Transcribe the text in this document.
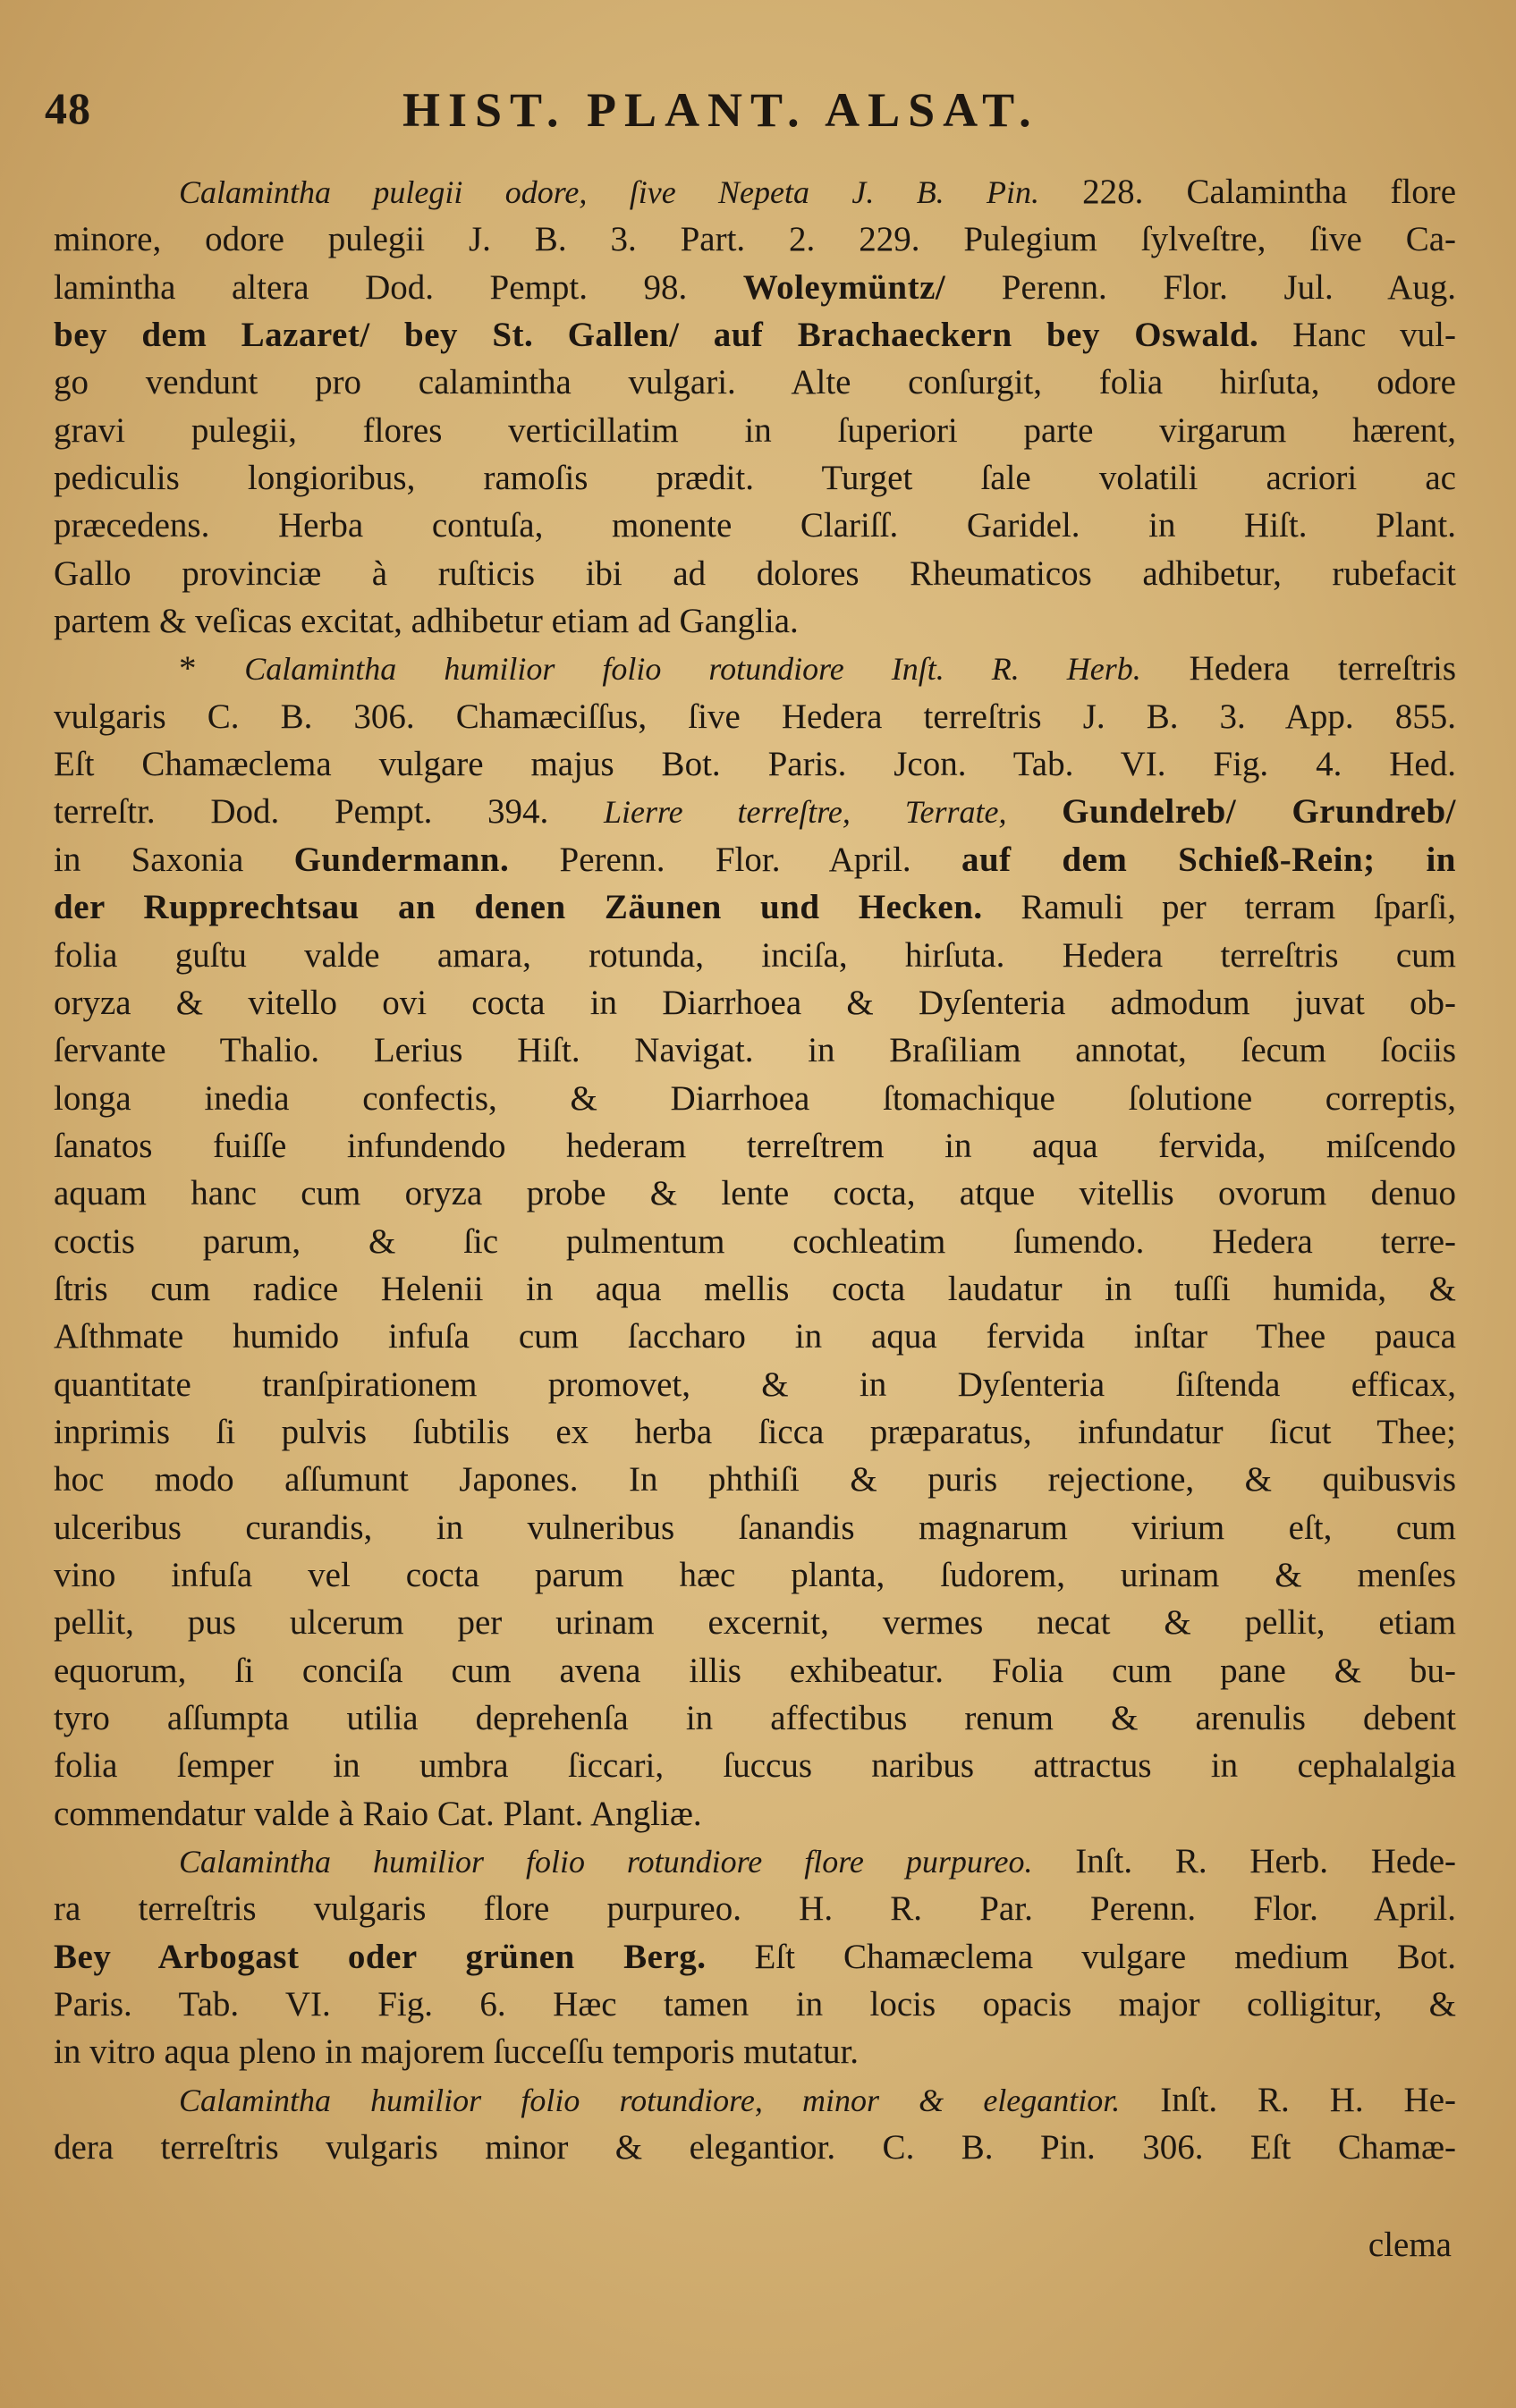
48	HIST. PLANT. ALSAT.
Calamintha pulegii odore, ſive Nepeta J. B. Pin. 228. Calamintha flore
minore, odore pulegii J. B. 3. Part. 2. 229. Pulegium ſylveſtre, ſive Ca-
lamintha altera Dod. Pempt. 98. Woleymüntz/ Perenn. Flor. Jul. Aug.
bey dem Lazaret/ bey St. Gallen/ auf Brachaeckern bey Oswald. Hanc vul-
go vendunt pro calamintha vulgari. Alte conſurgit, folia hirſuta, odore
gravi pulegii, flores verticillatim in ſuperiori parte virgarum hærent,
pediculis longioribus, ramoſis prædit. Turget ſale volatili acriori ac
præcedens. Herba contuſa, monente Clariſſ. Garidel. in Hiſt. Plant.
Gallo provinciæ à ruſticis ibi ad dolores Rheumaticos adhibetur, rubefacit
partem & veſicas excitat, adhibetur etiam ad Ganglia.
* Calamintha humilior folio rotundiore Inſt. R. Herb. Hedera terreſtris
vulgaris C. B. 306. Chamæciſſus, ſive Hedera terreſtris J. B. 3. App. 855.
Eſt Chamæclema vulgare majus Bot. Paris. Jcon. Tab. VI. Fig. 4. Hed.
terreſtr. Dod. Pempt. 394. Lierre terreſtre, Terrate, Gundelreb/ Grundreb/
in Saxonia Gundermann. Perenn. Flor. April. auf dem Schieß-Rein; in
der Rupprechtsau an denen Zäunen und Hecken. Ramuli per terram ſparſi,
folia guſtu valde amara, rotunda, inciſa, hirſuta. Hedera terreſtris cum
oryza & vitello ovi cocta in Diarrhoea & Dyſenteria admodum juvat ob-
ſervante Thalio. Lerius Hiſt. Navigat. in Braſiliam annotat, ſecum ſociis
longa inedia confectis, & Diarrhoea ſtomachique ſolutione correptis,
ſanatos fuiſſe infundendo hederam terreſtrem in aqua fervida, miſcendo
aquam hanc cum oryza probe & lente cocta, atque vitellis ovorum denuo
coctis parum, & ſic pulmentum cochleatim ſumendo. Hedera terre-
ſtris cum radice Helenii in aqua mellis cocta laudatur in tuſſi humida, &
Aſthmate humido infuſa cum ſaccharo in aqua fervida inſtar Thee pauca
quantitate tranſpirationem promovet, & in Dyſenteria ſiſtenda efficax,
inprimis ſi pulvis ſubtilis ex herba ſicca præparatus, infundatur ſicut Thee;
hoc modo aſſumunt Japones. In phthiſi & puris rejectione, & quibusvis
ulceribus curandis, in vulneribus ſanandis magnarum virium eſt, cum
vino infuſa vel cocta parum hæc planta, ſudorem, urinam & menſes
pellit, pus ulcerum per urinam excernit, vermes necat & pellit, etiam
equorum, ſi conciſa cum avena illis exhibeatur. Folia cum pane & bu-
tyro aſſumpta utilia deprehenſa in affectibus renum & arenulis debent
folia ſemper in umbra ſiccari, ſuccus naribus attractus in cephalalgia
commendatur valde à Raio Cat. Plant. Angliæ.
Calamintha humilior folio rotundiore flore purpureo. Inſt. R. Herb. Hede-
ra terreſtris vulgaris flore purpureo. H. R. Par. Perenn. Flor. April.
Bey Arbogast oder grünen Berg. Eſt Chamæclema vulgare medium Bot.
Paris. Tab. VI. Fig. 6. Hæc tamen in locis opacis major colligitur, &
in vitro aqua pleno in majorem ſucceſſu temporis mutatur.
Calamintha humilior folio rotundiore, minor & elegantior. Inſt. R. H. He-
dera terreſtris vulgaris minor & elegantior. C. B. Pin. 306. Eſt Chamæ-
clema
